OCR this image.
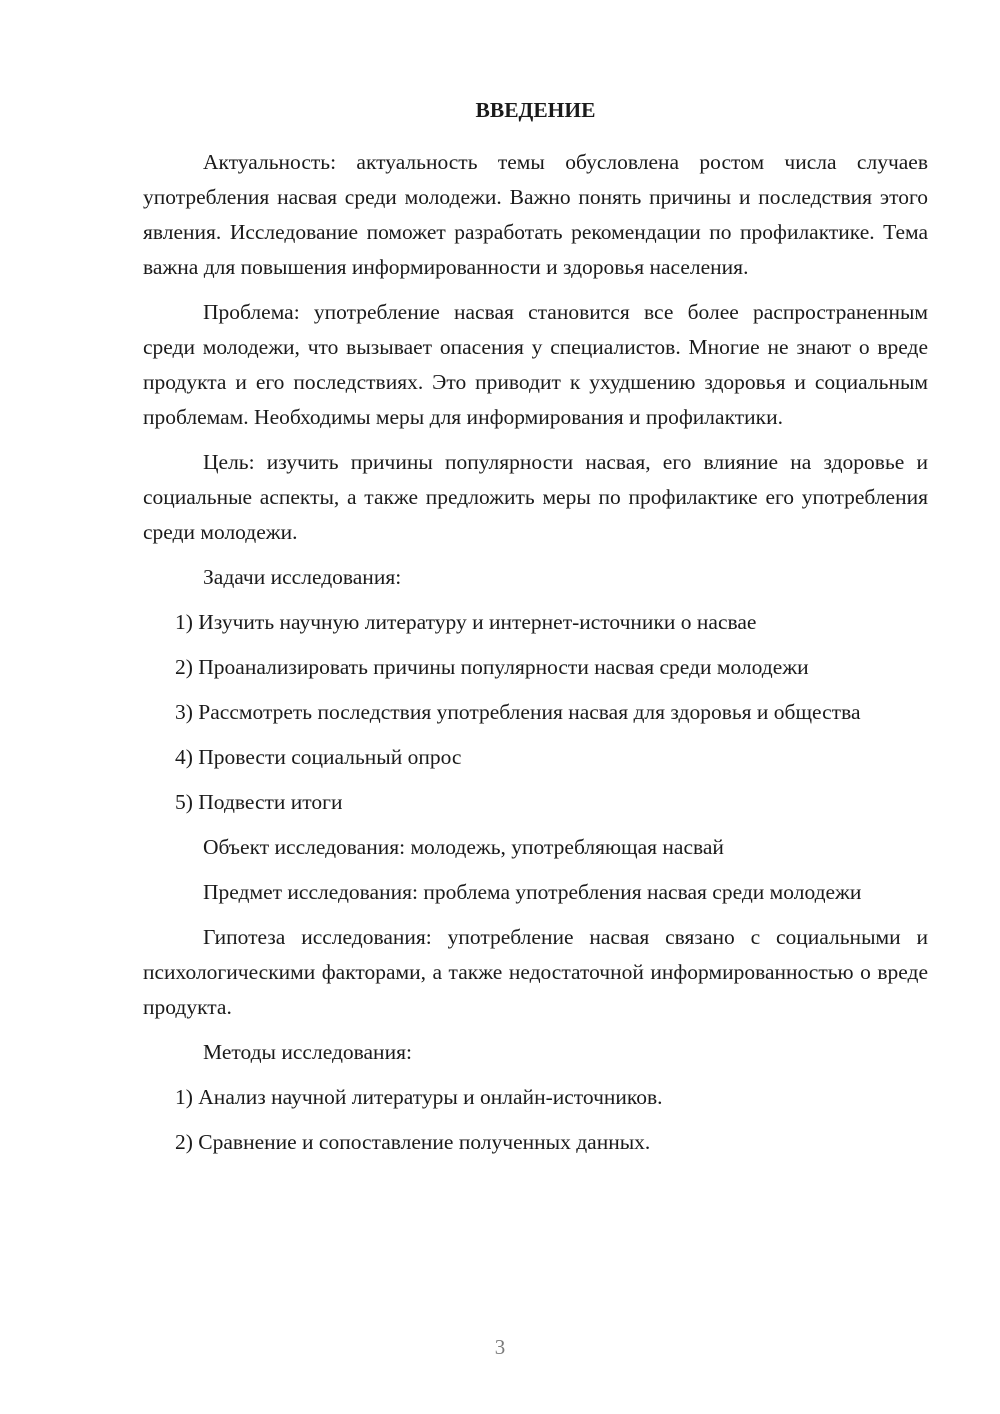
ВВЕДЕНИЕ

Актуальность: актуальность темы обусловлена ростом числа случаев употребления насвая среди молодежи. Важно понять причины и последствия этого явления. Исследование поможет разработать рекомендации по профилактике. Тема важна для повышения информированности и здоровья населения.

Проблема: употребление насвая становится все более распространенным среди молодежи, что вызывает опасения у специалистов. Многие не знают о вреде продукта и его последствиях. Это приводит к ухудшению здоровья и социальным проблемам. Необходимы меры для информирования и профилактики.

Цель: изучить причины популярности насвая, его влияние на здоровье и социальные аспекты, а также предложить меры по профилактике его употребления среди молодежи.

Задачи исследования:

1) Изучить научную литературу и интернет-источники о насвае

2) Проанализировать причины популярности насвая среди молодежи

3) Рассмотреть последствия употребления насвая для здоровья и общества

4) Провести социальный опрос

5) Подвести итоги

Объект исследования: молодежь, употребляющая насвай

Предмет исследования: проблема употребления насвая среди молодежи

Гипотеза исследования: употребление насвая связано с социальными и психологическими факторами, а также недостаточной информированностью о вреде продукта.

Методы исследования:

1) Анализ научной литературы и онлайн-источников.

2) Сравнение и сопоставление полученных данных.

3
